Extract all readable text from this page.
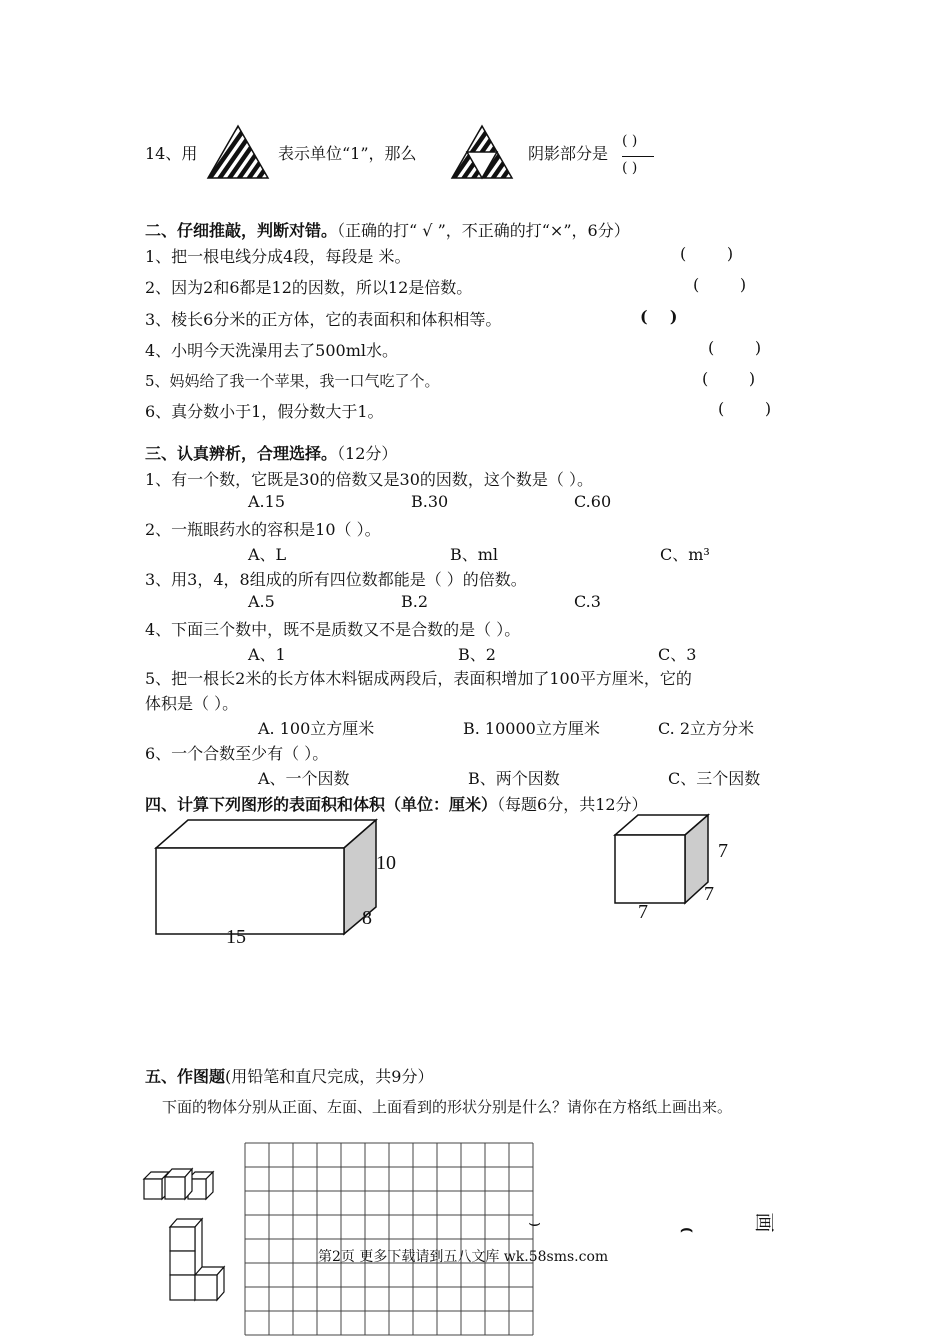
14、用	表示单位“1”，那么	阴影部分是
( )
( )
二、仔细推敲，判断对错。（正确的打“ √ ”，不正确的打“×”，6分）
1、把一根电线分成4段，每段是 米。	(        )
2、因为2和6都是12的因数，所以12是倍数。	(        )
3、棱长6分米的正方体，它的表面积和体积相等。	(    )
4、小明今天洗澡用去了500ml水。	(        )
5、妈妈给了我一个苹果，我一口气吃了个。	(        )
6、真分数小于1，假分数大于1。	(        )
三、认真辨析，合理选择。（12分）
1、有一个数，它既是30的倍数又是30的因数，这个数是（ ）。
A.15	B.30	C.60
2、一瓶眼药水的容积是10（ ）。
A、L	B、ml	C、m³
3、用3，4，8组成的所有四位数都能是（ ）的倍数。
A.5	B.2	C.3
4、下面三个数中，既不是质数又不是合数的是（ ）。
A、1	B、2	C、3
5、把一根长2米的长方体木料锯成两段后，表面积增加了100平方厘米，它的
体积是（ ）。
A. 100立方厘米	B. 10000立方厘米	C. 2立方分米
6、一个合数至少有（ ）。
A、一个因数	B、两个因数	C、三个因数
四、计算下列图形的表面积和体积（单位：厘米）（每题6分，共12分）
10
8
15
7
7
7
五、作图题(用铅笔和直尺完成，共9分）
下面的物体分别从正面、左面、上面看到的形状分别是什么？请你在方格纸上画出来。
⌣	⌢	画
第2页 更多下载请到五八文库 wk.58sms.com
